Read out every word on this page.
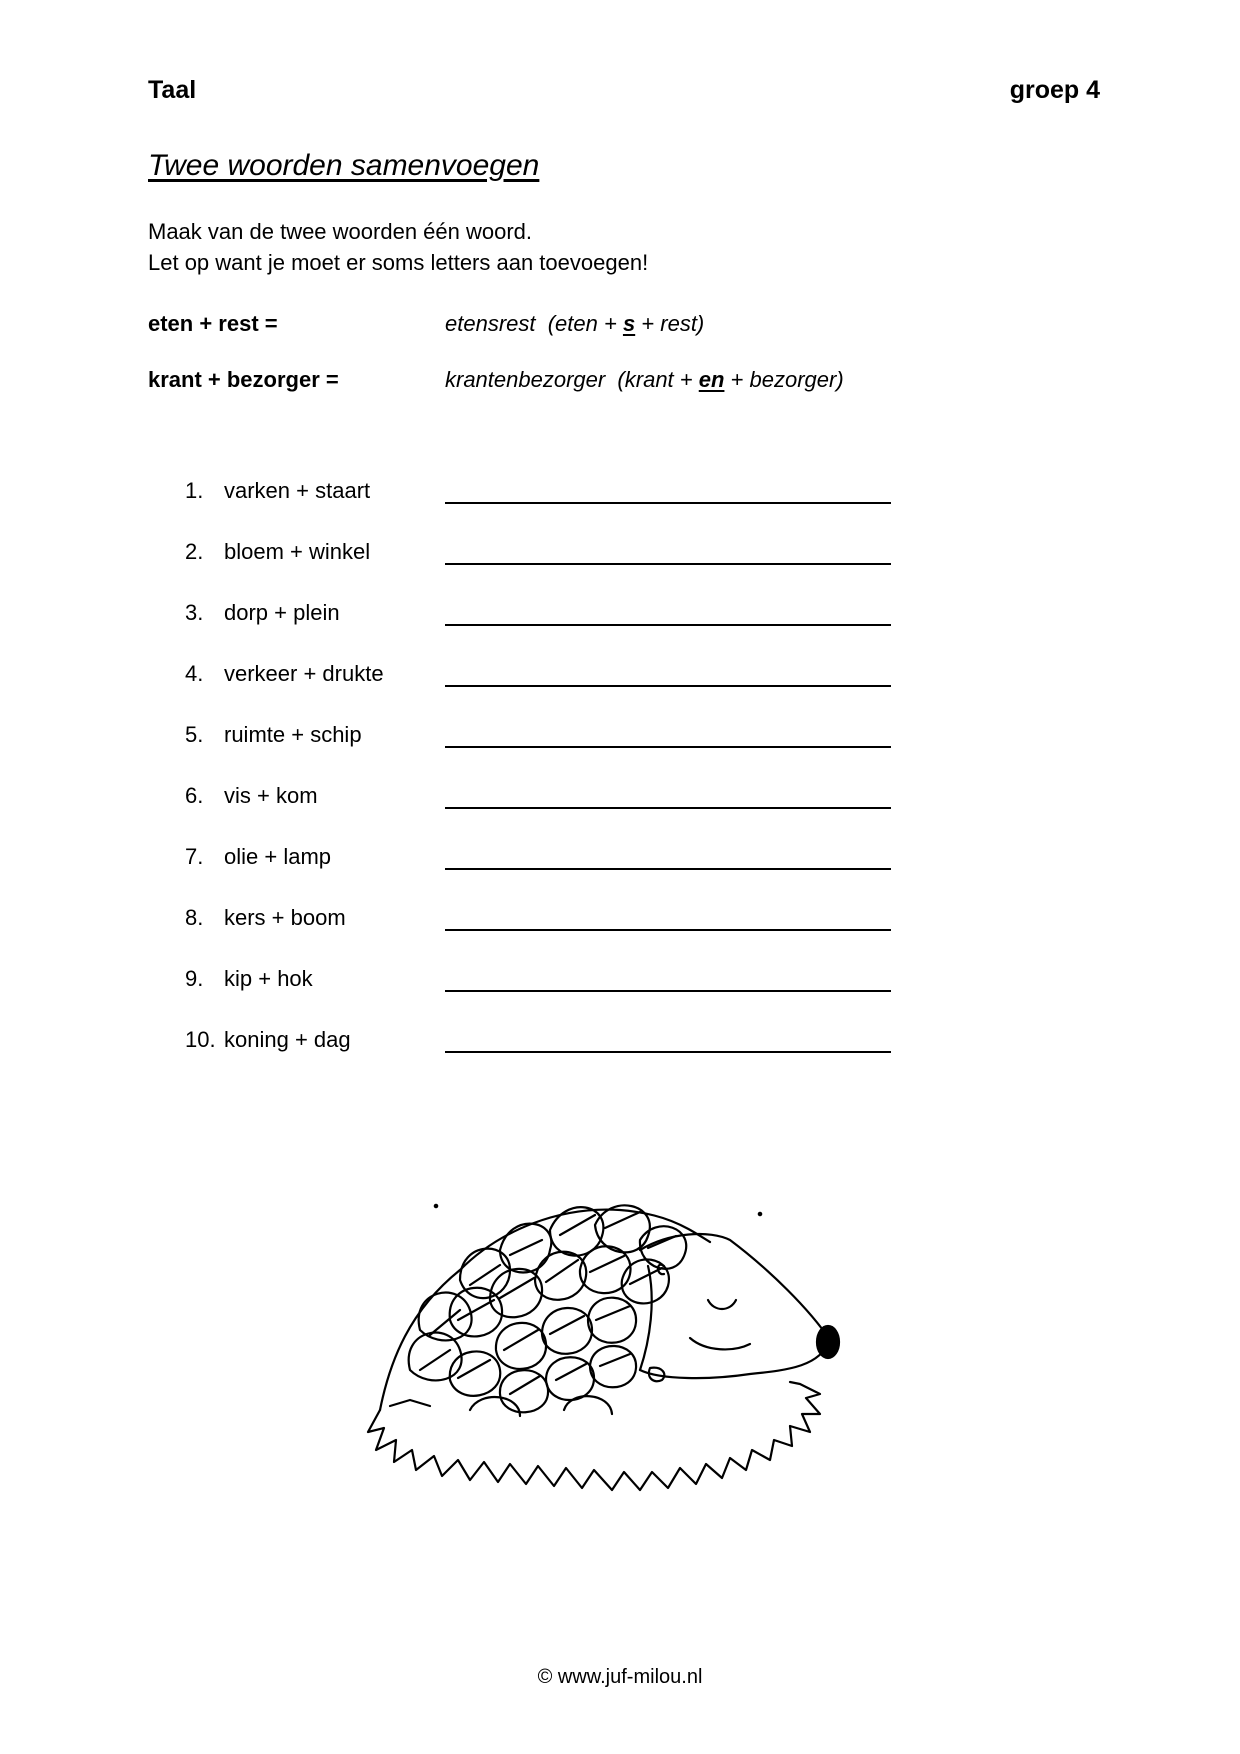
Taal	groep 4
Twee woorden samenvoegen
Maak van de twee woorden één woord.
Let op want je moet er soms letters aan toevoegen!
eten + rest =	etensrest  (eten + s + rest)
krant + bezorger =	krantenbezorger  (krant + en + bezorger)
1. varken + staart
2. bloem + winkel
3. dorp + plein
4. verkeer + drukte
5. ruimte + schip
6. vis + kom
7. olie + lamp
8. kers + boom
9. kip + hok
10. koning + dag
© www.juf-milou.nl
